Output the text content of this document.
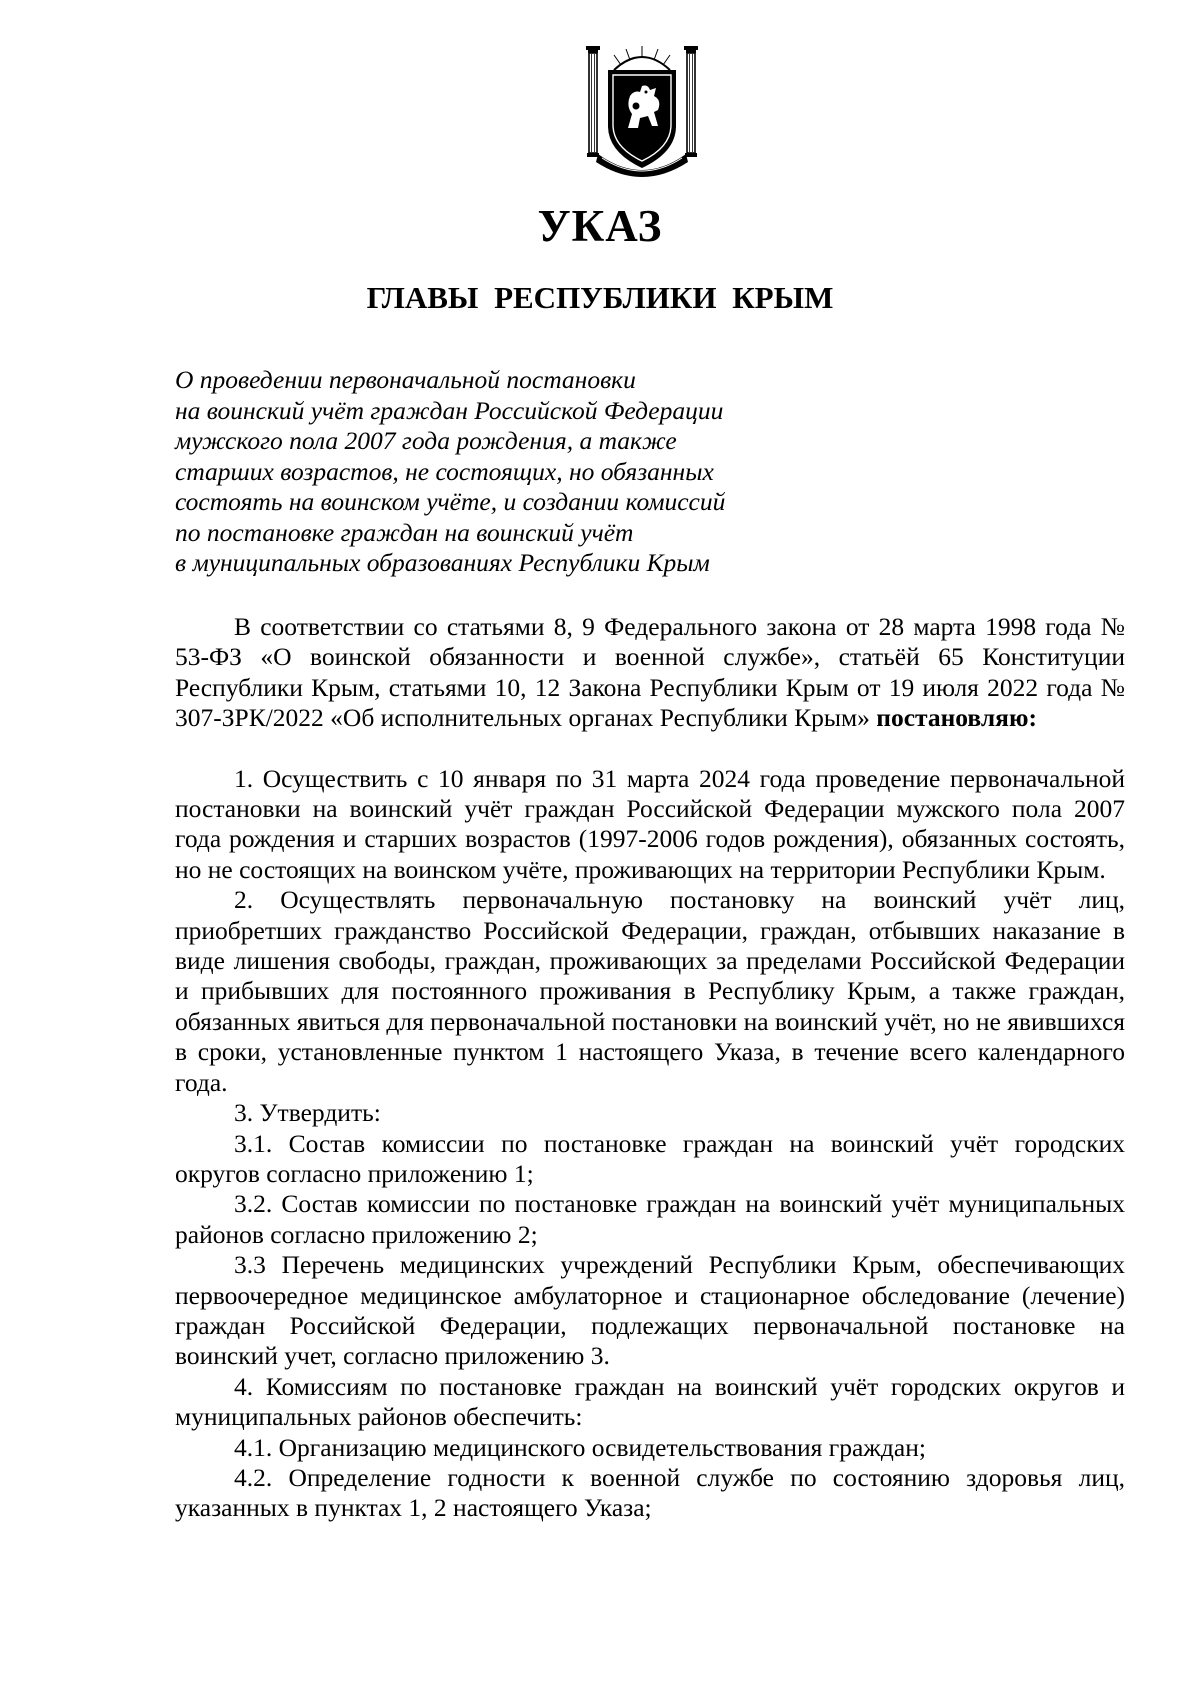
УКАЗ
ГЛАВЫ РЕСПУБЛИКИ КРЫМ

О проведении первоначальной постановки
на воинский учёт граждан Российской Федерации
мужского пола 2007 года рождения, а также
старших возрастов, не состоящих, но обязанных
состоять на воинском учёте, и создании комиссий
по постановке граждан на воинский учёт
в муниципальных образованиях Республики Крым

В соответствии со статьями 8, 9 Федерального закона от 28 марта 1998 года № 53-ФЗ «О воинской обязанности и военной службе», статьёй 65 Конституции Республики Крым, статьями 10, 12 Закона Республики Крым от 19 июля 2022 года № 307-ЗРК/2022 «Об исполнительных органах Республики Крым» постановляю:

1. Осуществить с 10 января по 31 марта 2024 года проведение первоначальной постановки на воинский учёт граждан Российской Федерации мужского пола 2007 года рождения и старших возрастов (1997-2006 годов рождения), обязанных состоять, но не состоящих на воинском учёте, проживающих на территории Республики Крым.

2. Осуществлять первоначальную постановку на воинский учёт лиц, приобретших гражданство Российской Федерации, граждан, отбывших наказание в виде лишения свободы, граждан, проживающих за пределами Российской Федерации и прибывших для постоянного проживания в Республику Крым, а также граждан, обязанных явиться для первоначальной постановки на воинский учёт, но не явившихся в сроки, установленные пунктом 1 настоящего Указа, в течение всего календарного года.

3. Утвердить:

3.1. Состав комиссии по постановке граждан на воинский учёт городских округов согласно приложению 1;

3.2. Состав комиссии по постановке граждан на воинский учёт муниципальных районов согласно приложению 2;

3.3 Перечень медицинских учреждений Республики Крым, обеспечивающих первоочередное медицинское амбулаторное и стационарное обследование (лечение) граждан Российской Федерации, подлежащих первоначальной постановке на воинский учет, согласно приложению 3.

4. Комиссиям по постановке граждан на воинский учёт городских округов и муниципальных районов обеспечить:

4.1. Организацию медицинского освидетельствования граждан;

4.2. Определение годности к военной службе по состоянию здоровья лиц, указанных в пунктах 1, 2 настоящего Указа;
